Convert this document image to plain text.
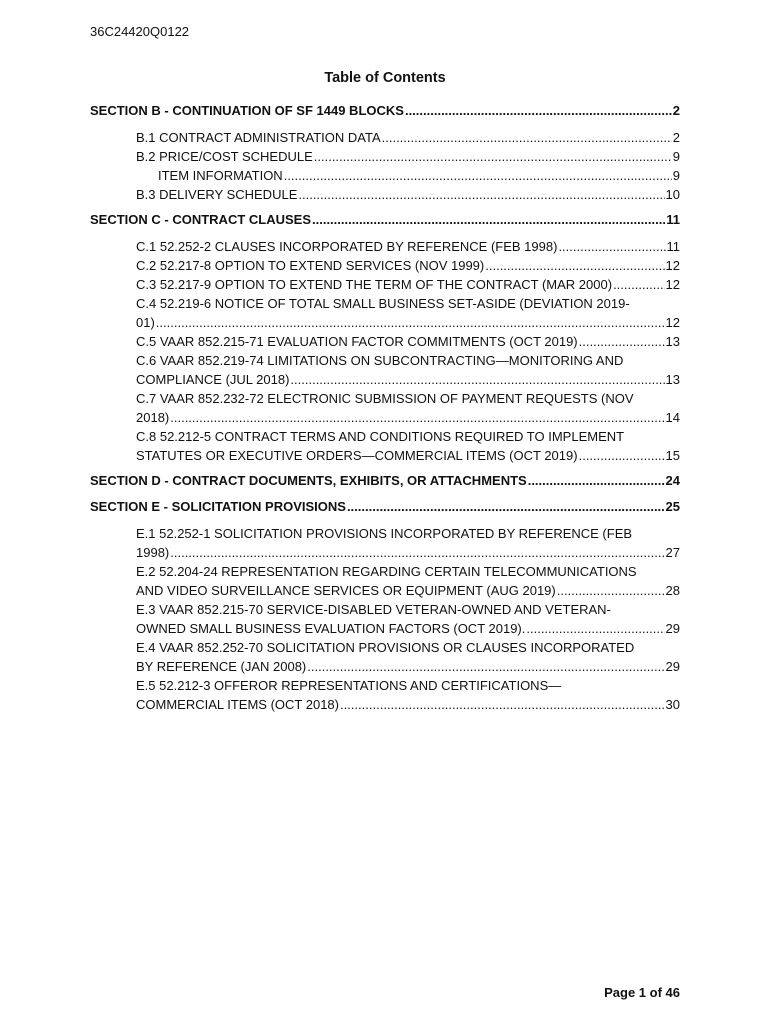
36C24420Q0122
Table of Contents
SECTION B - CONTINUATION OF SF 1449 BLOCKS .....	2
B.1 CONTRACT ADMINISTRATION DATA .....	2
B.2 PRICE/COST SCHEDULE .....	9
ITEM INFORMATION .....	9
B.3 DELIVERY SCHEDULE .....	10
SECTION C - CONTRACT CLAUSES .....	11
C.1 52.252-2 CLAUSES INCORPORATED BY REFERENCE (FEB 1998) .....	11
C.2 52.217-8 OPTION TO EXTEND SERVICES (NOV 1999) .....	12
C.3 52.217-9 OPTION TO EXTEND THE TERM OF THE CONTRACT (MAR 2000) .....	12
C.4 52.219-6 NOTICE OF TOTAL SMALL BUSINESS SET-ASIDE (DEVIATION 2019-
01) .....	12
C.5 VAAR 852.215-71 EVALUATION FACTOR COMMITMENTS (OCT 2019) .....	13
C.6 VAAR 852.219-74 LIMITATIONS ON SUBCONTRACTING—MONITORING AND
COMPLIANCE (JUL 2018) .....	13
C.7 VAAR 852.232-72 ELECTRONIC SUBMISSION OF PAYMENT REQUESTS (NOV
2018) .....	14
C.8 52.212-5 CONTRACT TERMS AND CONDITIONS REQUIRED TO IMPLEMENT
STATUTES OR EXECUTIVE ORDERS—COMMERCIAL ITEMS (OCT 2019) .....	15
SECTION D - CONTRACT DOCUMENTS, EXHIBITS, OR ATTACHMENTS .....	24
SECTION E - SOLICITATION PROVISIONS .....	25
E.1 52.252-1 SOLICITATION PROVISIONS INCORPORATED BY REFERENCE (FEB
1998) .....	27
E.2 52.204-24 REPRESENTATION REGARDING CERTAIN TELECOMMUNICATIONS
AND VIDEO SURVEILLANCE SERVICES OR EQUIPMENT (AUG 2019) .....	28
E.3 VAAR 852.215-70 SERVICE-DISABLED VETERAN-OWNED AND VETERAN-
OWNED SMALL BUSINESS EVALUATION FACTORS (OCT 2019). .....	29
E.4 VAAR 852.252-70 SOLICITATION PROVISIONS OR CLAUSES INCORPORATED
BY REFERENCE (JAN 2008) .....	29
E.5 52.212-3 OFFEROR REPRESENTATIONS AND CERTIFICATIONS—
COMMERCIAL ITEMS (OCT 2018) .....	30
Page 1 of 46
